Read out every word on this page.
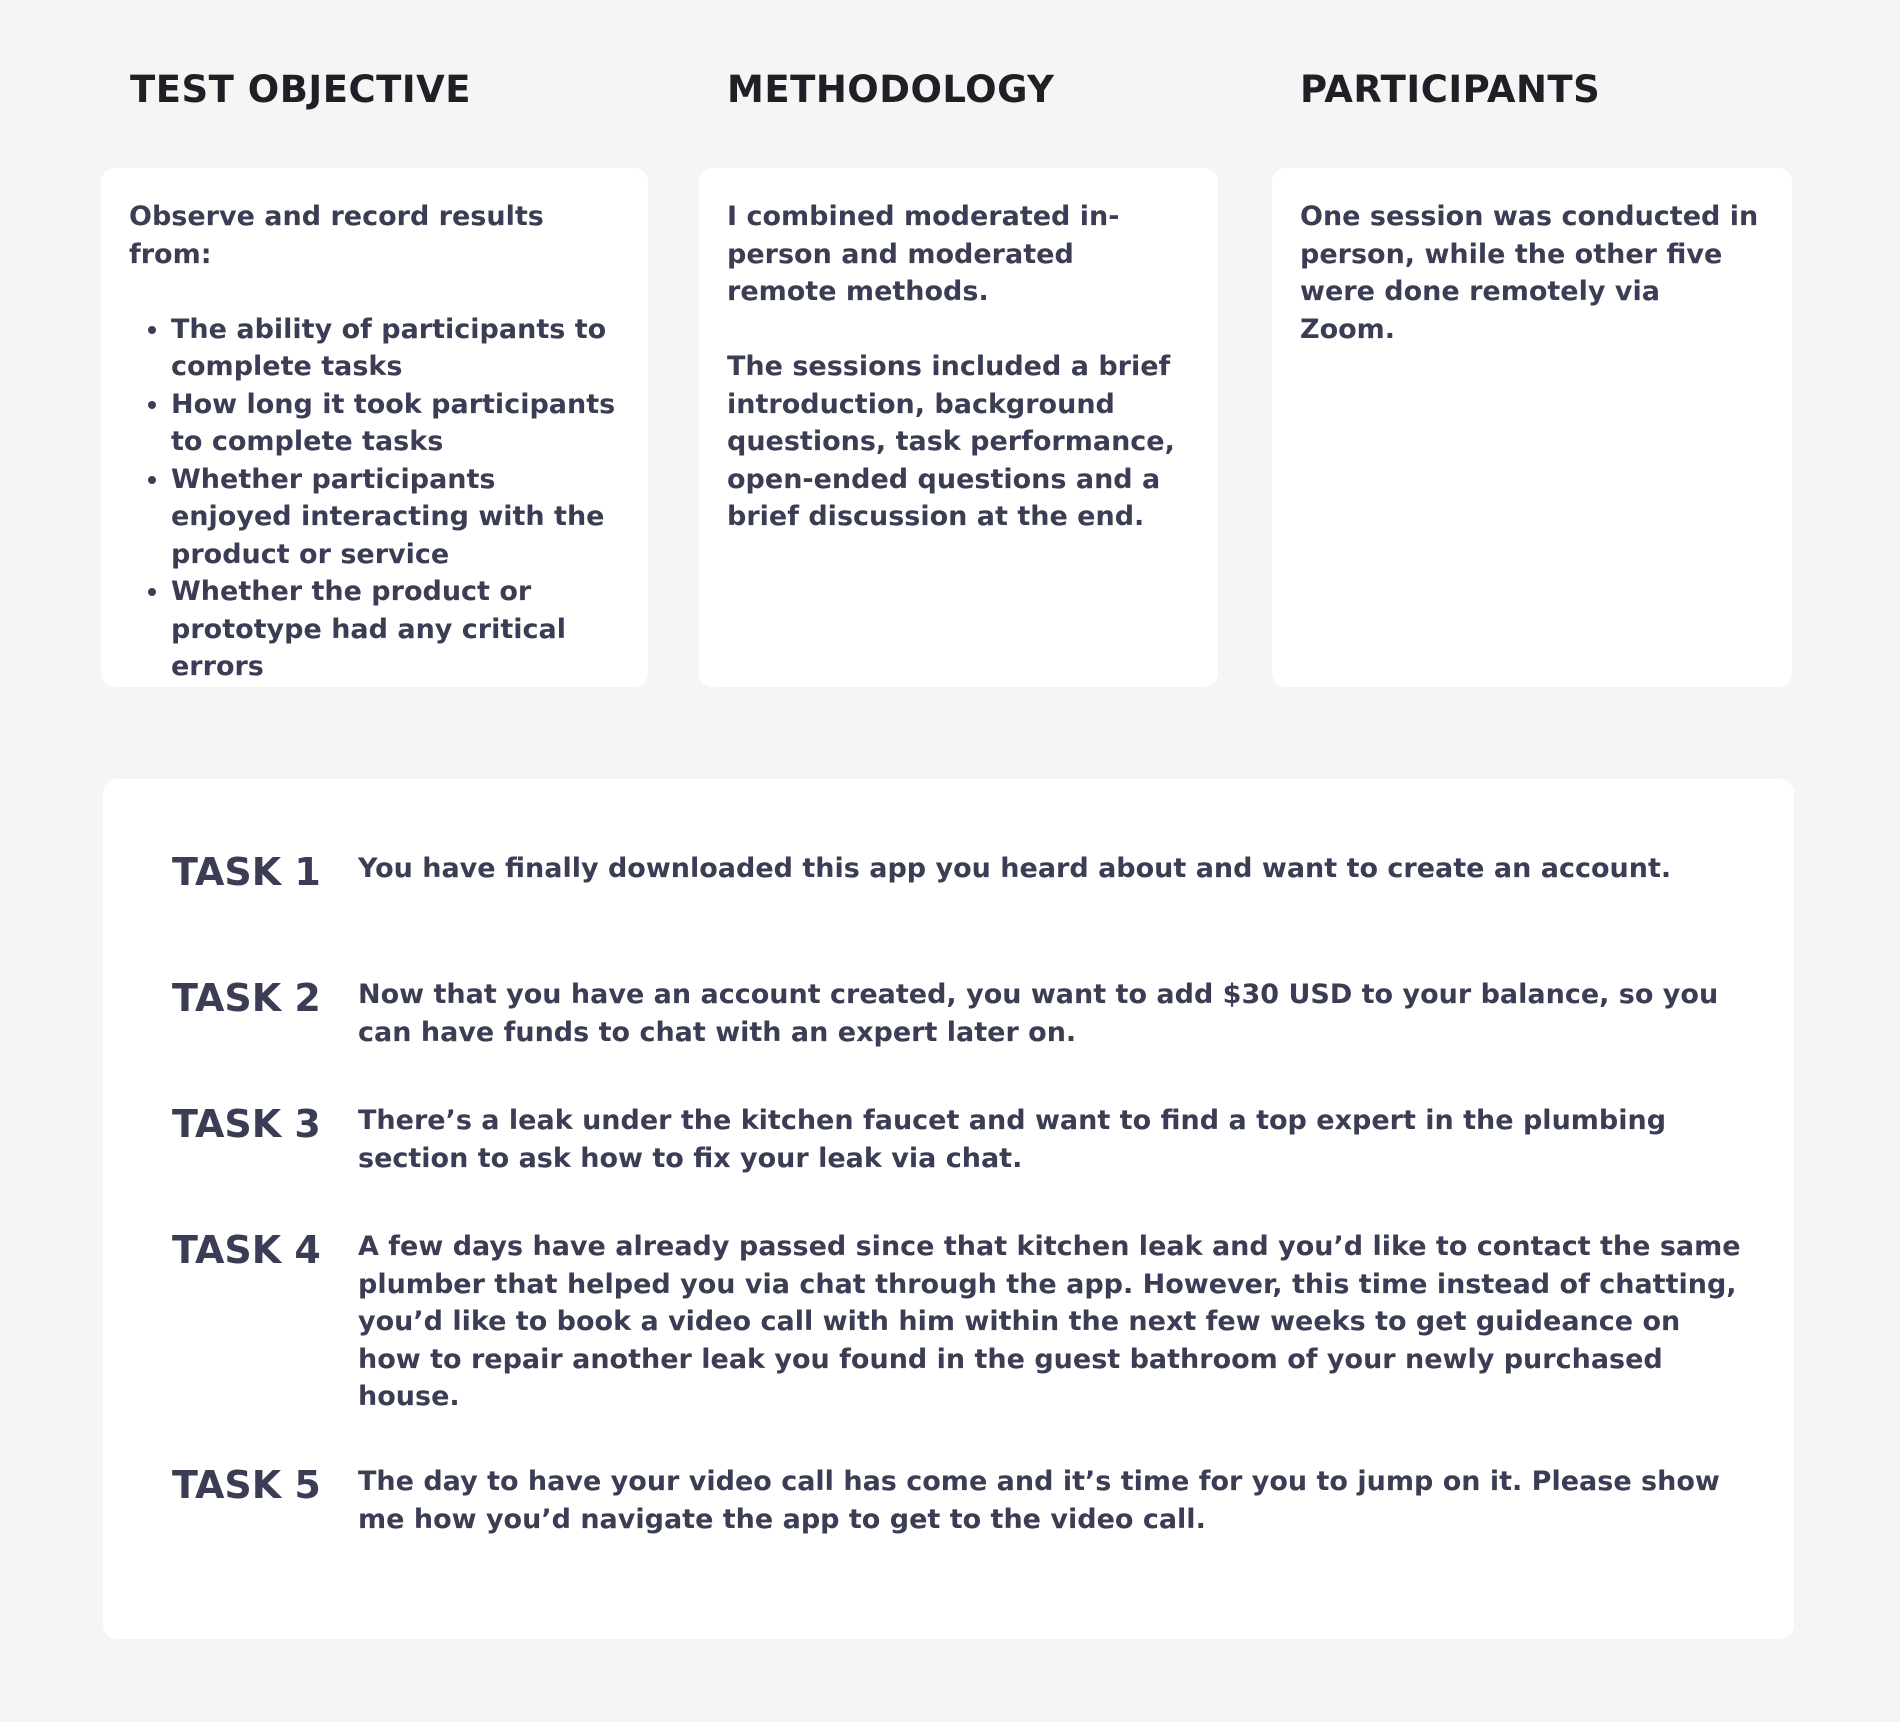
TEST OBJECTIVE	METHODOLOGY	PARTICIPANTS

Observe and record results from:

• The ability of participants to complete tasks
• How long it took participants to complete tasks
• Whether participants enjoyed interacting with the product or service
• Whether the product or prototype had any critical errors

I combined moderated in-person and moderated remote methods.

The sessions included a brief introduction, background questions, task performance, open-ended questions and a brief discussion at the end.

One session was conducted in person, while the other five were done remotely via Zoom.

TASK 1 You have finally downloaded this app you heard about and want to create an account.
TASK 2 Now that you have an account created, you want to add $30 USD to your balance, so you can have funds to chat with an expert later on.
TASK 3 There’s a leak under the kitchen faucet and want to find a top expert in the plumbing section to ask how to fix your leak via chat.
TASK 4 A few days have already passed since that kitchen leak and you’d like to contact the same plumber that helped you via chat through the app. However, this time instead of chatting, you’d like to book a video call with him within the next few weeks to get guideance on how to repair another leak you found in the guest bathroom of your newly purchased house.
TASK 5 The day to have your video call has come and it’s time for you to jump on it. Please show me how you’d navigate the app to get to the video call.
